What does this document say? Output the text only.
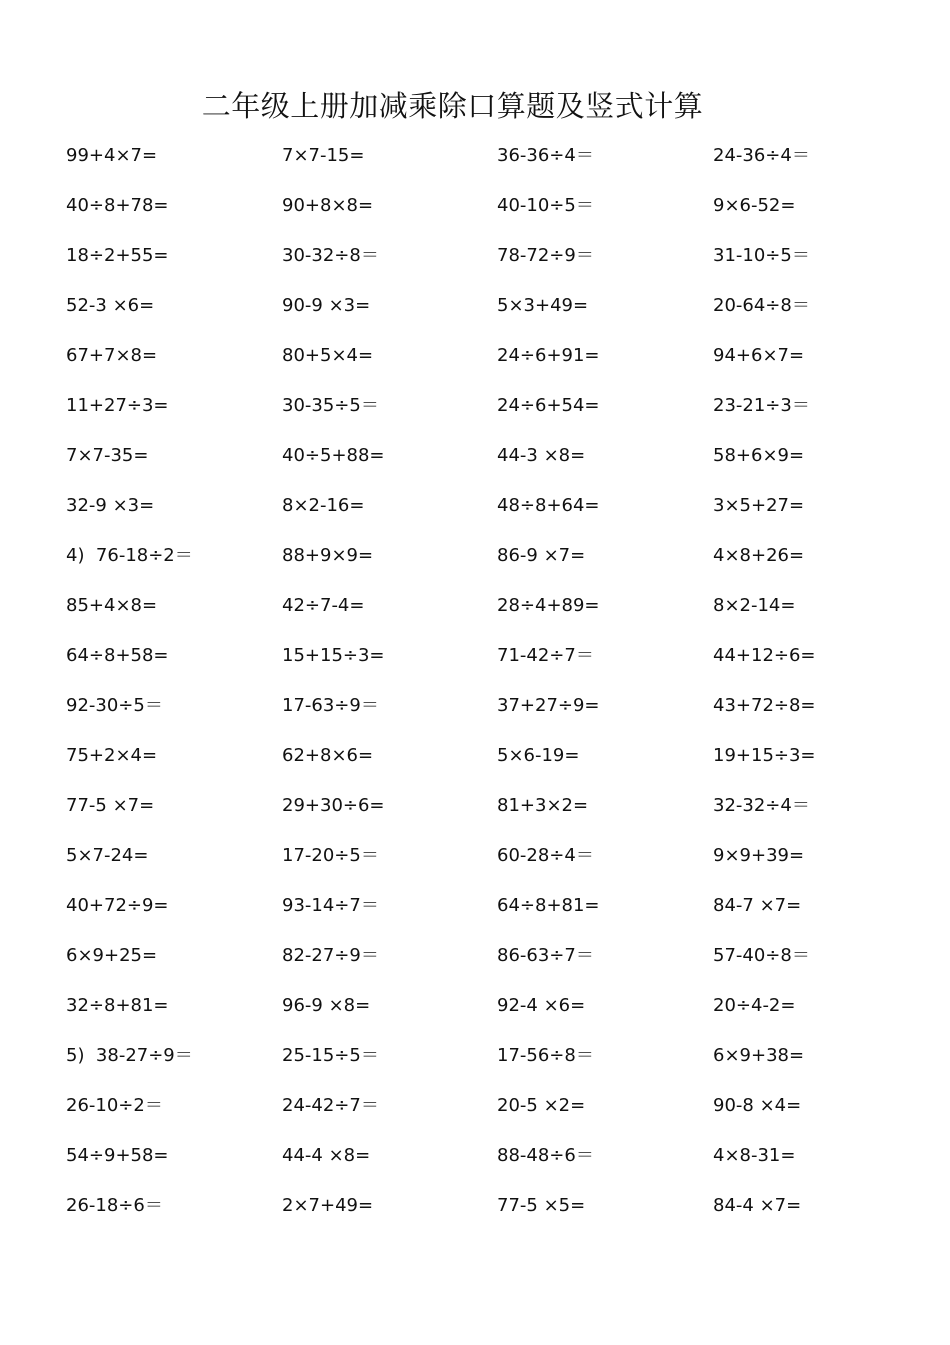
二年级上册加减乘除口算题及竖式计算
99+4×7=	7×7-15=	36-36÷4＝	24-36÷4＝
40÷8+78=	90+8×8=	40-10÷5＝	9×6-52=
18÷2+55=	30-32÷8＝	78-72÷9＝	31-10÷5＝
52-3 ×6=	90-9 ×3=	5×3+49=	20-64÷8＝
67+7×8=	80+5×4=	24÷6+91=	94+6×7=
11+27÷3=	30-35÷5＝	24÷6+54=	23-21÷3＝
7×7-35=	40÷5+88=	44-3 ×8=	58+6×9=
32-9 ×3=	8×2-16=	48÷8+64=	3×5+27=
4)  76-18÷2＝	88+9×9=	86-9 ×7=	4×8+26=
85+4×8=	42÷7-4=	28÷4+89=	8×2-14=
64÷8+58=	15+15÷3=	71-42÷7＝	44+12÷6=
92-30÷5＝	17-63÷9＝	37+27÷9=	43+72÷8=
75+2×4=	62+8×6=	5×6-19=	19+15÷3=
77-5 ×7=	29+30÷6=	81+3×2=	32-32÷4＝
5×7-24=	17-20÷5＝	60-28÷4＝	9×9+39=
40+72÷9=	93-14÷7＝	64÷8+81=	84-7 ×7=
6×9+25=	82-27÷9＝	86-63÷7＝	57-40÷8＝
32÷8+81=	96-9 ×8=	92-4 ×6=	20÷4-2=
5)  38-27÷9＝	25-15÷5＝	17-56÷8＝	6×9+38=
26-10÷2＝	24-42÷7＝	20-5 ×2=	90-8 ×4=
54÷9+58=	44-4 ×8=	88-48÷6＝	4×8-31=
26-18÷6＝	2×7+49=	77-5 ×5=	84-4 ×7=
